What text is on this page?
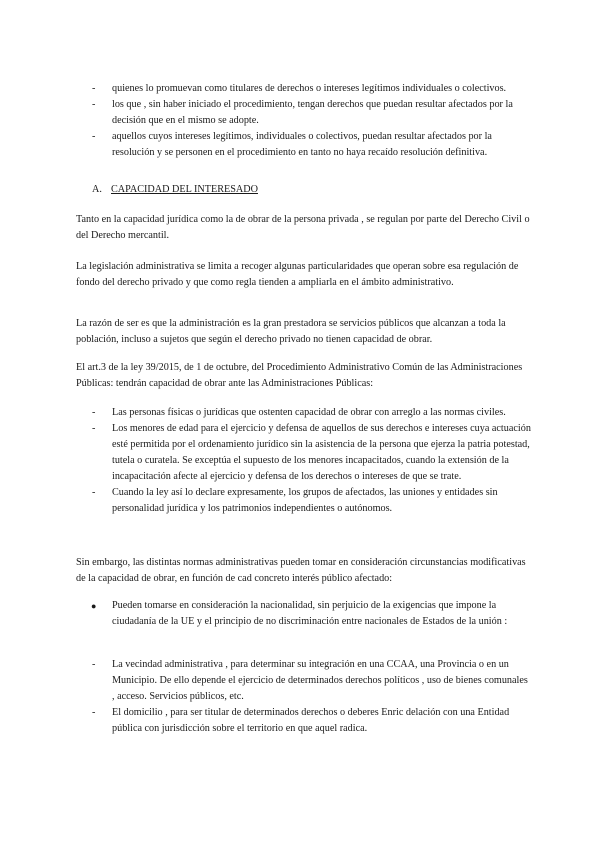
- quienes lo promuevan como titulares de derechos o intereses legítimos individuales o colectivos.
- los que , sin haber iniciado el procedimiento, tengan derechos que puedan resultar afectados por la decisión que en el mismo se adopte.
- aquellos cuyos intereses legítimos, individuales o colectivos, puedan resultar afectados por la resolución y se personen en el procedimiento en tanto no haya recaído resolución definitiva.
A. CAPACIDAD DEL INTERESADO

Tanto en la capacidad jurídica como la de obrar de la persona privada , se regulan por parte del Derecho Civil o del Derecho mercantil.

La legislación administrativa se limita a recoger algunas particularidades que operan sobre esa regulación de fondo del derecho privado y que como regla tienden a ampliarla en el ámbito administrativo.

La razón de ser es que la administración es la gran prestadora se servicios públicos que alcanzan a toda la población, incluso a sujetos que según el derecho privado no tienen capacidad de obrar.

El art.3 de la ley 39/2015, de 1 de octubre, del Procedimiento Administrativo Común de las Administraciones Públicas: tendrán capacidad de obrar ante las Administraciones Públicas:

- Las personas físicas o jurídicas que ostenten capacidad de obrar con arreglo a las normas civiles.
- Los menores de edad para el ejercicio y defensa de aquellos de sus derechos e intereses cuya actuación esté permitida por el ordenamiento jurídico sin la asistencia de la persona que ejerza la patria potestad, tutela o curatela. Se exceptúa el supuesto de los menores incapacitados, cuando la extensión de la incapacitación afecte al ejercicio y defensa de los derechos o intereses de que se trate.
- Cuando la ley así lo declare expresamente, los grupos de afectados, las uniones y entidades sin personalidad jurídica y los patrimonios independientes o autónomos.

Sin embargo, las distintas normas administrativas pueden tomar en consideración circunstancias modificativas de la capacidad de obrar, en función de cad concreto interés público afectado:

● Pueden tomarse en consideración la nacionalidad, sin perjuicio de la exigencias que impone la ciudadanía de la UE y el principio de no discriminación entre nacionales de Estados de la unión :
- La vecindad administrativa , para determinar su integración en una CCAA, una Provincia o en un Municipio. De ello depende el ejercicio de determinados derechos políticos , uso de bienes comunales , acceso. Servicios públicos, etc.
- El domicilio , para ser titular de determinados derechos o deberes Enric delación con una Entidad pública con jurisdicción sobre el territorio en que aquel radica.
